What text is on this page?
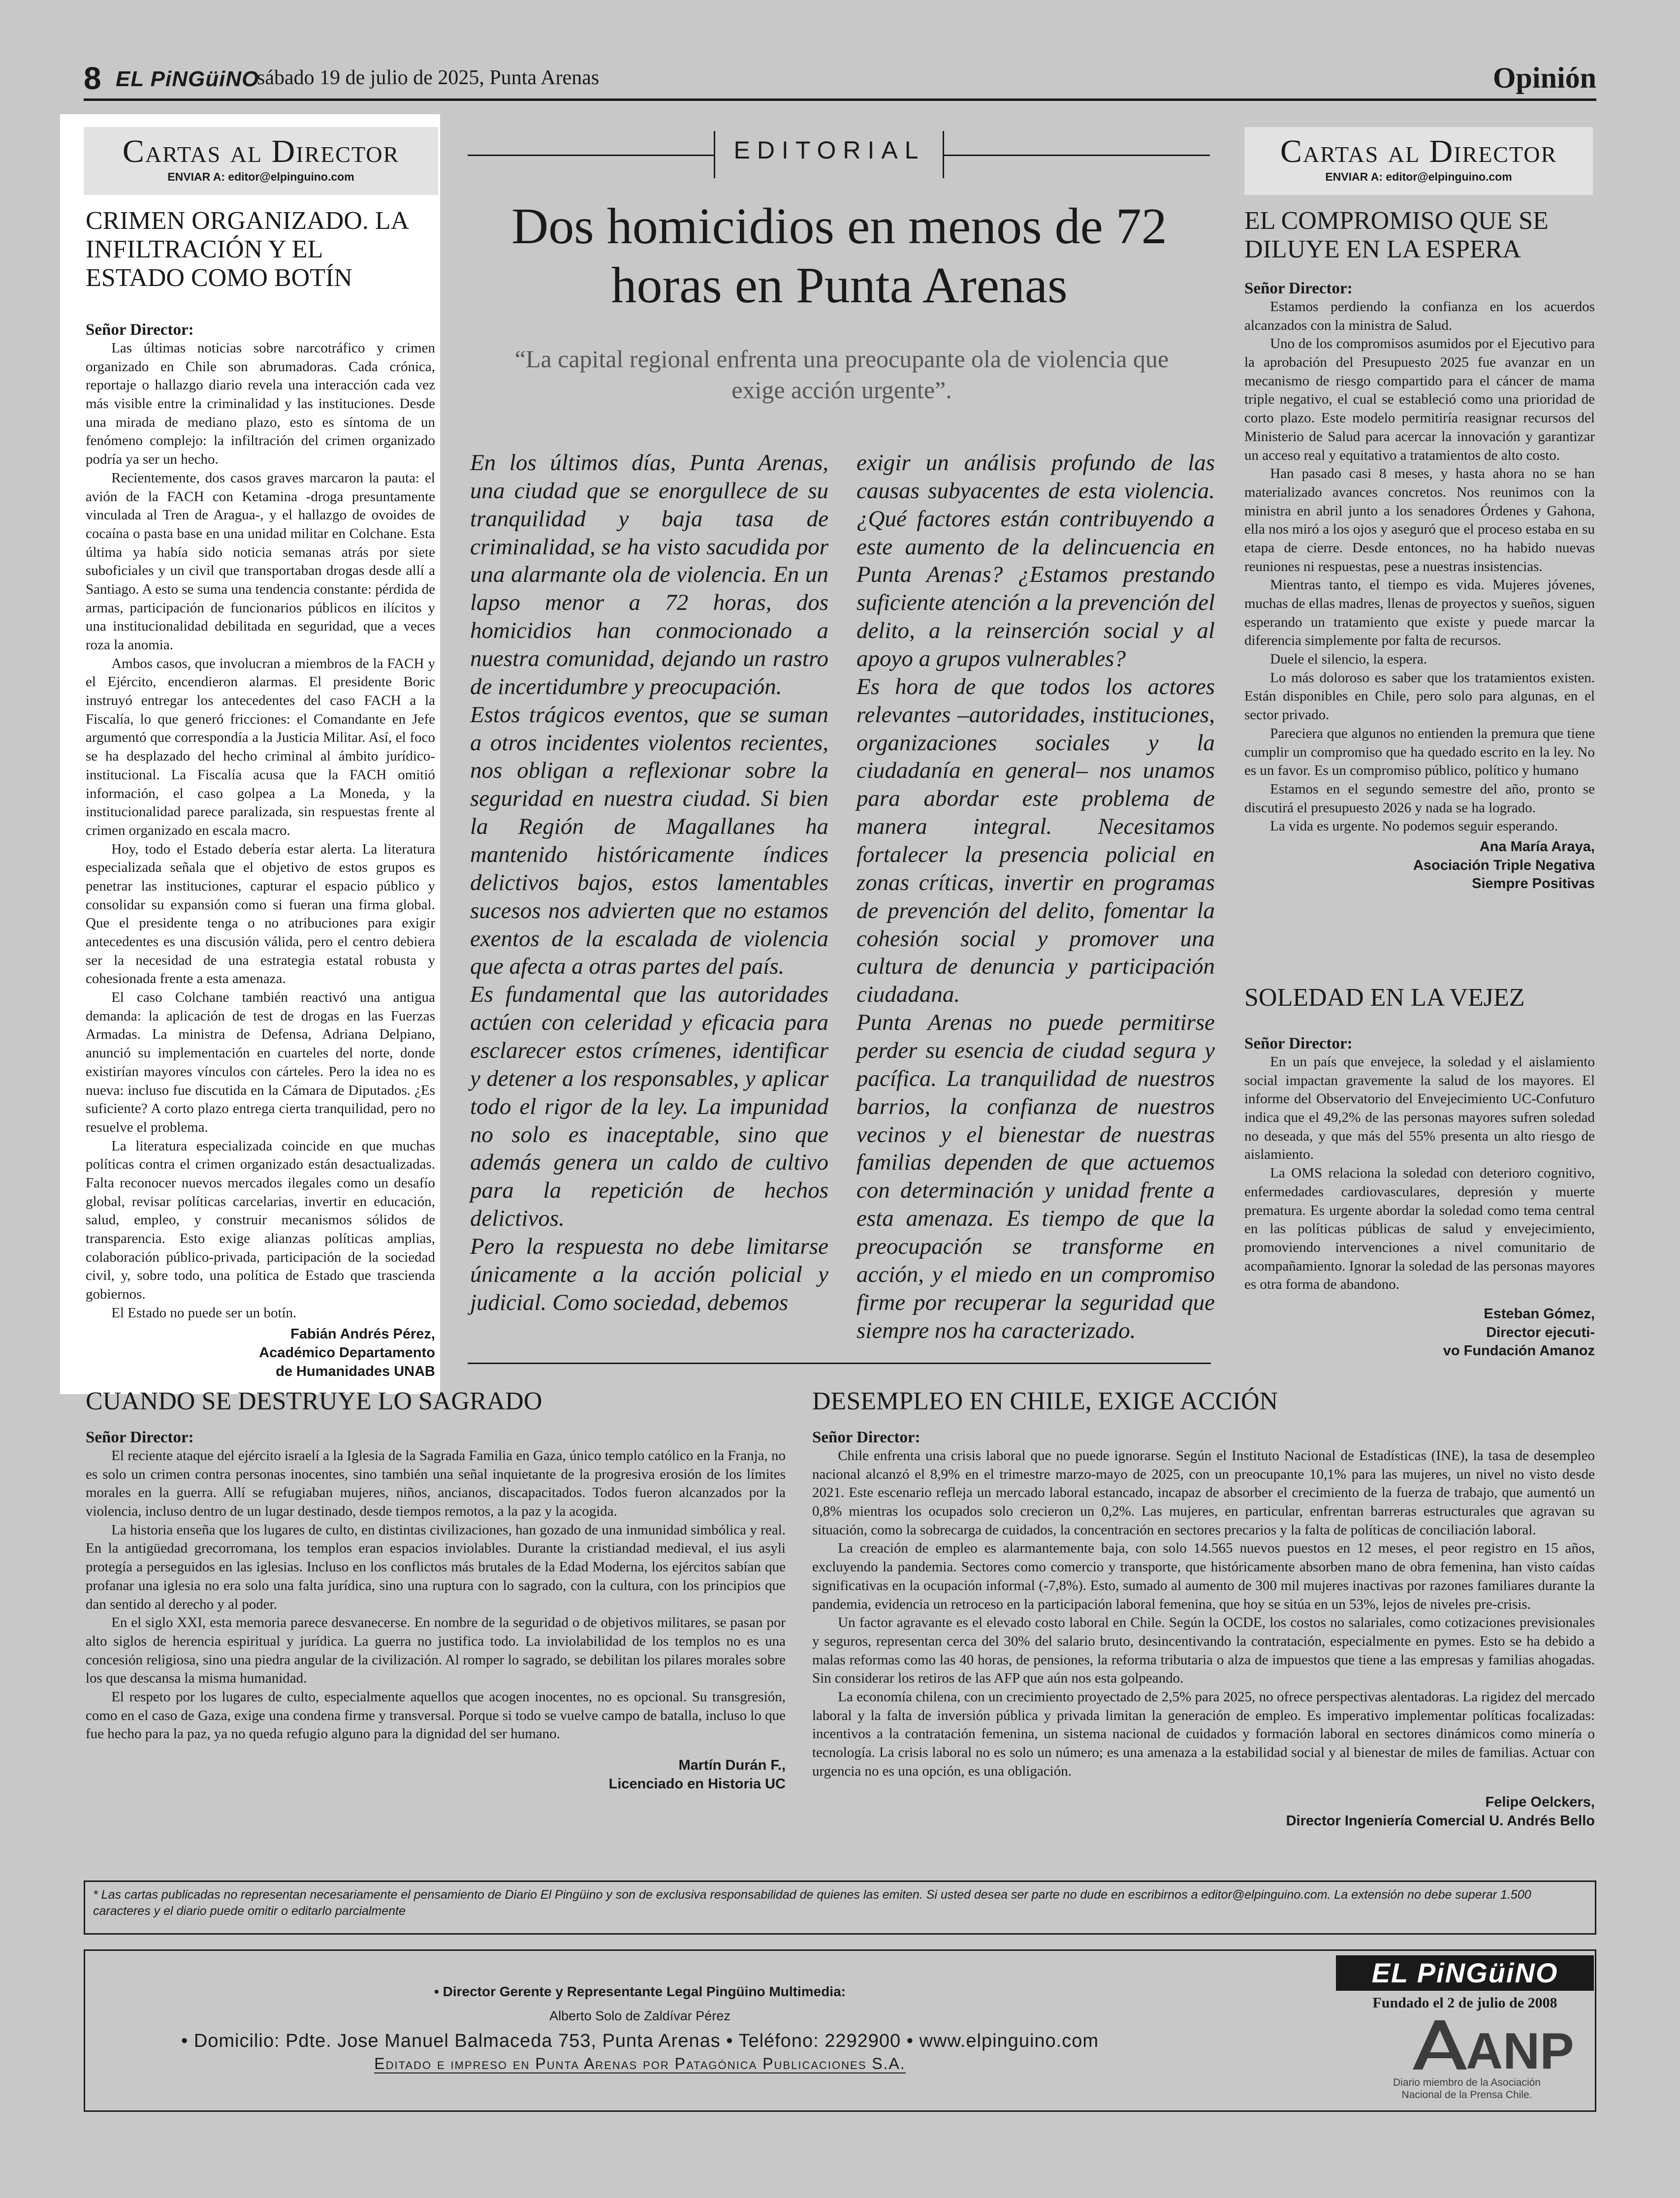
8 EL PiNGüiNO
sábado 19 de julio de 2025, Punta Arenas	Opinión
Cartas al Director
ENVIAR A: editor@elpinguino.com
CRIMEN ORGANIZADO. LA INFILTRACIÓN Y EL ESTADO COMO BOTÍN
Señor Director:

Las últimas noticias sobre narcotráfico y crimen organizado en Chile son abrumadoras. Cada crónica, reportaje o hallazgo diario revela una interacción cada vez más visible entre la criminalidad y las instituciones. Desde una mirada de mediano plazo, esto es síntoma de un fenómeno complejo: la infiltración del crimen organizado podría ya ser un hecho.

Recientemente, dos casos graves marcaron la pauta: el avión de la FACH con Ketamina -droga presuntamente vinculada al Tren de Aragua-, y el hallazgo de ovoides de cocaína o pasta base en una unidad militar en Colchane. Esta última ya había sido noticia semanas atrás por siete suboficiales y un civil que transportaban drogas desde allí a Santiago. A esto se suma una tendencia constante: pérdida de armas, participación de funcionarios públicos en ilícitos y una institucionalidad debilitada en seguridad, que a veces roza la anomia.

Ambos casos, que involucran a miembros de la FACH y el Ejército, encendieron alarmas. El presidente Boric instruyó entregar los antecedentes del caso FACH a la Fiscalía, lo que generó fricciones: el Comandante en Jefe argumentó que correspondía a la Justicia Militar. Así, el foco se ha desplazado del hecho criminal al ámbito jurídico-institucional. La Fiscalía acusa que la FACH omitió información, el caso golpea a La Moneda, y la institucionalidad parece paralizada, sin respuestas frente al crimen organizado en escala macro.

Hoy, todo el Estado debería estar alerta. La literatura especializada señala que el objetivo de estos grupos es penetrar las instituciones, capturar el espacio público y consolidar su expansión como si fueran una firma global. Que el presidente tenga o no atribuciones para exigir antecedentes es una discusión válida, pero el centro debiera ser la necesidad de una estrategia estatal robusta y cohesionada frente a esta amenaza.

El caso Colchane también reactivó una antigua demanda: la aplicación de test de drogas en las Fuerzas Armadas. La ministra de Defensa, Adriana Delpiano, anunció su implementación en cuarteles del norte, donde existirían mayores vínculos con cárteles. Pero la idea no es nueva: incluso fue discutida en la Cámara de Diputados. ¿Es suficiente? A corto plazo entrega cierta tranquilidad, pero no resuelve el problema.

La literatura especializada coincide en que muchas políticas contra el crimen organizado están desactualizadas. Falta reconocer nuevos mercados ilegales como un desafío global, revisar políticas carcelarias, invertir en educación, salud, empleo, y construir mecanismos sólidos de transparencia. Esto exige alianzas políticas amplias, colaboración público-privada, participación de la sociedad civil, y, sobre todo, una política de Estado que trascienda gobiernos.

El Estado no puede ser un botín.

Fabián Andrés Pérez,
Académico Departamento
de Humanidades UNAB
EDITORIAL
Dos homicidios en menos de 72 horas en Punta Arenas
“La capital regional enfrenta una preocupante ola de violencia que exige acción urgente”.

En los últimos días, Punta Arenas, una ciudad que se enorgullece de su tranquilidad y baja tasa de criminalidad, se ha visto sacudida por una alarmante ola de violencia. En un lapso menor a 72 horas, dos homicidios han conmocionado a nuestra comunidad, dejando un rastro de incertidumbre y preocupación.

Estos trágicos eventos, que se suman a otros incidentes violentos recientes, nos obligan a reflexionar sobre la seguridad en nuestra ciudad. Si bien la Región de Magallanes ha mantenido históricamente índices delictivos bajos, estos lamentables sucesos nos advierten que no estamos exentos de la escalada de violencia que afecta a otras partes del país.

Es fundamental que las autoridades actúen con celeridad y eficacia para esclarecer estos crímenes, identificar y detener a los responsables, y aplicar todo el rigor de la ley. La impunidad no solo es inaceptable, sino que además genera un caldo de cultivo para la repetición de hechos delictivos.

Pero la respuesta no debe limitarse únicamente a la acción policial y judicial. Como sociedad, debemos

exigir un análisis profundo de las causas subyacentes de esta violencia. ¿Qué factores están contribuyendo a este aumento de la delincuencia en Punta Arenas? ¿Estamos prestando suficiente atención a la prevención del delito, a la reinserción social y al apoyo a grupos vulnerables?

Es hora de que todos los actores relevantes –autoridades, instituciones, organizaciones sociales y la ciudadanía en general– nos unamos para abordar este problema de manera integral. Necesitamos fortalecer la presencia policial en zonas críticas, invertir en programas de prevención del delito, fomentar la cohesión social y promover una cultura de denuncia y participación ciudadana.

Punta Arenas no puede permitirse perder su esencia de ciudad segura y pacífica. La tranquilidad de nuestros barrios, la confianza de nuestros vecinos y el bienestar de nuestras familias dependen de que actuemos con determinación y unidad frente a esta amenaza. Es tiempo de que la preocupación se transforme en acción, y el miedo en un compromiso firme por recuperar la seguridad que siempre nos ha caracterizado.

Cartas al Director
ENVIAR A: editor@elpinguino.com
EL COMPROMISO QUE SE DILUYE EN LA ESPERA
Señor Director:

Estamos perdiendo la confianza en los acuerdos alcanzados con la ministra de Salud.

Uno de los compromisos asumidos por el Ejecutivo para la aprobación del Presupuesto 2025 fue avanzar en un mecanismo de riesgo compartido para el cáncer de mama triple negativo, el cual se estableció como una prioridad de corto plazo. Este modelo permitiría reasignar recursos del Ministerio de Salud para acercar la innovación y garantizar un acceso real y equitativo a tratamientos de alto costo.

Han pasado casi 8 meses, y hasta ahora no se han materializado avances concretos. Nos reunimos con la ministra en abril junto a los senadores Órdenes y Gahona, ella nos miró a los ojos y aseguró que el proceso estaba en su etapa de cierre. Desde entonces, no ha habido nuevas reuniones ni respuestas, pese a nuestras insistencias.

Mientras tanto, el tiempo es vida. Mujeres jóvenes, muchas de ellas madres, llenas de proyectos y sueños, siguen esperando un tratamiento que existe y puede marcar la diferencia simplemente por falta de recursos.

Duele el silencio, la espera.

Lo más doloroso es saber que los tratamientos existen. Están disponibles en Chile, pero solo para algunas, en el sector privado.

Pareciera que algunos no entienden la premura que tiene cumplir un compromiso que ha quedado escrito en la ley. No es un favor. Es un compromiso público, político y humano

Estamos en el segundo semestre del año, pronto se discutirá el presupuesto 2026 y nada se ha logrado.

La vida es urgente. No podemos seguir esperando.

Ana María Araya,
Asociación Triple Negativa
Siempre Positivas
SOLEDAD EN LA VEJEZ
Señor Director:

En un país que envejece, la soledad y el aislamiento social impactan gravemente la salud de los mayores. El informe del Observatorio del Envejecimiento UC-Confuturo indica que el 49,2% de las personas mayores sufren soledad no deseada, y que más del 55% presenta un alto riesgo de aislamiento.

La OMS relaciona la soledad con deterioro cognitivo, enfermedades cardiovasculares, depresión y muerte prematura. Es urgente abordar la soledad como tema central en las políticas públicas de salud y envejecimiento, promoviendo intervenciones a nivel comunitario de acompañamiento. Ignorar la soledad de las personas mayores es otra forma de abandono.

Esteban Gómez,
Director ejecuti-
vo Fundación Amanoz
CUANDO SE DESTRUYE LO SAGRADO
Señor Director:

El reciente ataque del ejército israelí a la Iglesia de la Sagrada Familia en Gaza, único templo católico en la Franja, no es solo un crimen contra personas inocentes, sino también una señal inquietante de la progresiva erosión de los límites morales en la guerra. Allí se refugiaban mujeres, niños, ancianos, discapacitados. Todos fueron alcanzados por la violencia, incluso dentro de un lugar destinado, desde tiempos remotos, a la paz y la acogida.

La historia enseña que los lugares de culto, en distintas civilizaciones, han gozado de una inmunidad simbólica y real. En la antigüedad grecorromana, los templos eran espacios inviolables. Durante la cristiandad medieval, el ius asyli protegía a perseguidos en las iglesias. Incluso en los conflictos más brutales de la Edad Moderna, los ejércitos sabían que profanar una iglesia no era solo una falta jurídica, sino una ruptura con lo sagrado, con la cultura, con los principios que dan sentido al derecho y al poder.

En el siglo XXI, esta memoria parece desvanecerse. En nombre de la seguridad o de objetivos militares, se pasan por alto siglos de herencia espiritual y jurídica. La guerra no justifica todo. La inviolabilidad de los templos no es una concesión religiosa, sino una piedra angular de la civilización. Al romper lo sagrado, se debilitan los pilares morales sobre los que descansa la misma humanidad.

El respeto por los lugares de culto, especialmente aquellos que acogen inocentes, no es opcional. Su transgresión, como en el caso de Gaza, exige una condena firme y transversal. Porque si todo se vuelve campo de batalla, incluso lo que fue hecho para la paz, ya no queda refugio alguno para la dignidad del ser humano.

Martín Durán F.,
Licenciado en Historia UC
DESEMPLEO EN CHILE, EXIGE ACCIÓN
Señor Director:

Chile enfrenta una crisis laboral que no puede ignorarse. Según el Instituto Nacional de Estadísticas (INE), la tasa de desempleo nacional alcanzó el 8,9% en el trimestre marzo-mayo de 2025, con un preocupante 10,1% para las mujeres, un nivel no visto desde 2021. Este escenario refleja un mercado laboral estancado, incapaz de absorber el crecimiento de la fuerza de trabajo, que aumentó un 0,8% mientras los ocupados solo crecieron un 0,2%. Las mujeres, en particular, enfrentan barreras estructurales que agravan su situación, como la sobrecarga de cuidados, la concentración en sectores precarios y la falta de políticas de conciliación laboral.

La creación de empleo es alarmantemente baja, con solo 14.565 nuevos puestos en 12 meses, el peor registro en 15 años, excluyendo la pandemia. Sectores como comercio y transporte, que históricamente absorben mano de obra femenina, han visto caídas significativas en la ocupación informal (-7,8%). Esto, sumado al aumento de 300 mil mujeres inactivas por razones familiares durante la pandemia, evidencia un retroceso en la participación laboral femenina, que hoy se sitúa en un 53%, lejos de niveles pre-crisis.

Un factor agravante es el elevado costo laboral en Chile. Según la OCDE, los costos no salariales, como cotizaciones previsionales y seguros, representan cerca del 30% del salario bruto, desincentivando la contratación, especialmente en pymes. Esto se ha debido a malas reformas como las 40 horas, de pensiones, la reforma tributaria o alza de impuestos que tiene a las empresas y familias ahogadas. Sin considerar los retiros de las AFP que aún nos esta golpeando.

La economía chilena, con un crecimiento proyectado de 2,5% para 2025, no ofrece perspectivas alentadoras. La rigidez del mercado laboral y la falta de inversión pública y privada limitan la generación de empleo. Es imperativo implementar políticas focalizadas: incentivos a la contratación femenina, un sistema nacional de cuidados y formación laboral en sectores dinámicos como minería o tecnología. La crisis laboral no es solo un número; es una amenaza a la estabilidad social y al bienestar de miles de familias. Actuar con urgencia no es una opción, es una obligación.

Felipe Oelckers,
Director Ingeniería Comercial U. Andrés Bello
* Las cartas publicadas no representan necesariamente el pensamiento de Diario El Pingüino y son de exclusiva responsabilidad de quienes las emiten. Si usted desea ser parte no dude en escribirnos a editor@elpinguino.com. La extensión no debe superar 1.500 caracteres y el diario puede omitir o editarlo parcialmente
• Director Gerente y Representante Legal Pingüino Multimedia:
Alberto Solo de Zaldívar Pérez
• Domicilio: Pdte. Jose Manuel Balmaceda 753, Punta Arenas • Teléfono: 2292900 • www.elpinguino.com
Editado e impreso en Punta Arenas por Patagónica Publicaciones S.A.
EL PiNGüiNO
Fundado el 2 de julio de 2008
ANP
Diario miembro de la Asociación Nacional de la Prensa Chile.
